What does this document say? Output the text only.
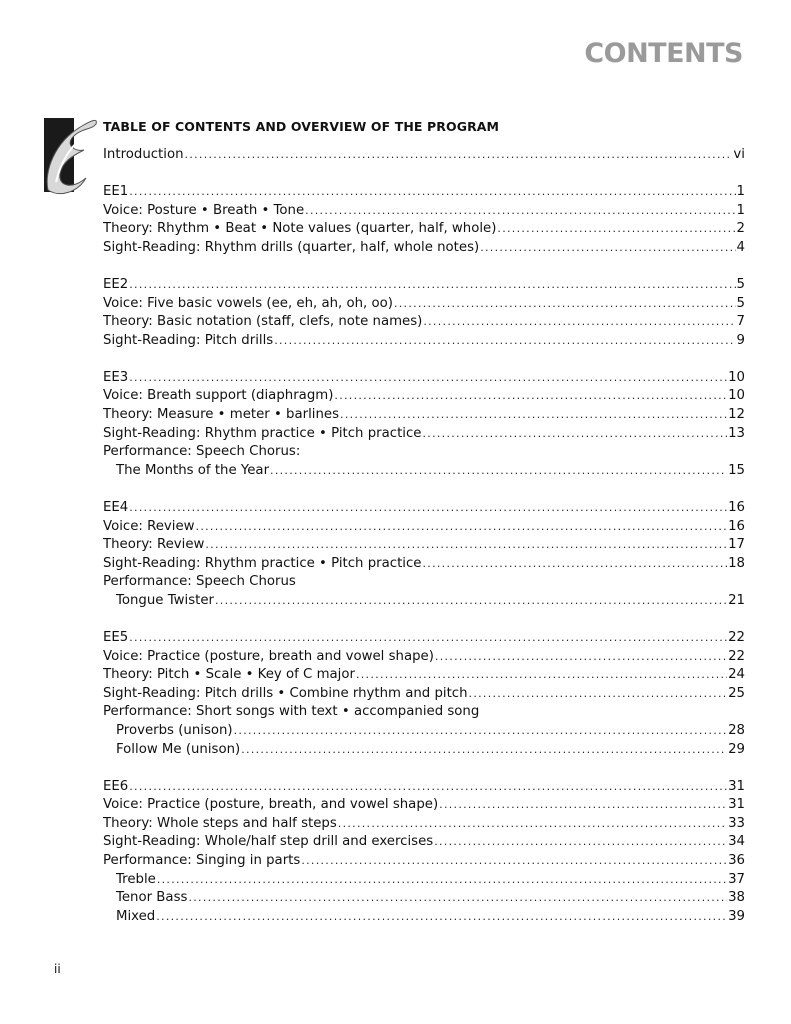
CONTENTS
TABLE OF CONTENTS AND OVERVIEW OF THE PROGRAM
Introduction .....	vi
EE1 .....	1
Voice: Posture • Breath • Tone .....	1
Theory: Rhythm • Beat • Note values (quarter, half, whole) .....	2
Sight-Reading: Rhythm drills (quarter, half, whole notes) .....	4
EE2 .....	5
Voice: Five basic vowels (ee, eh, ah, oh, oo) .....	5
Theory: Basic notation (staff, clefs, note names) .....	7
Sight-Reading: Pitch drills .....	9
EE3 .....	10
Voice: Breath support (diaphragm) .....	10
Theory: Measure • meter • barlines .....	12
Sight-Reading: Rhythm practice • Pitch practice .....	13
Performance: Speech Chorus:
The Months of the Year .....	15
EE4 .....	16
Voice: Review .....	16
Theory: Review .....	17
Sight-Reading: Rhythm practice • Pitch practice .....	18
Performance: Speech Chorus
Tongue Twister .....	21
EE5 .....	22
Voice: Practice (posture, breath and vowel shape) .....	22
Theory: Pitch • Scale • Key of C major .....	24
Sight-Reading: Pitch drills • Combine rhythm and pitch .....	25
Performance: Short songs with text • accompanied song
Proverbs (unison) .....	28
Follow Me (unison) .....	29
EE6 .....	31
Voice: Practice (posture, breath, and vowel shape) .....	31
Theory: Whole steps and half steps .....	33
Sight-Reading: Whole/half step drill and exercises .....	34
Performance: Singing in parts .....	36
Treble .....	37
Tenor Bass .....	38
Mixed .....	39
ii
